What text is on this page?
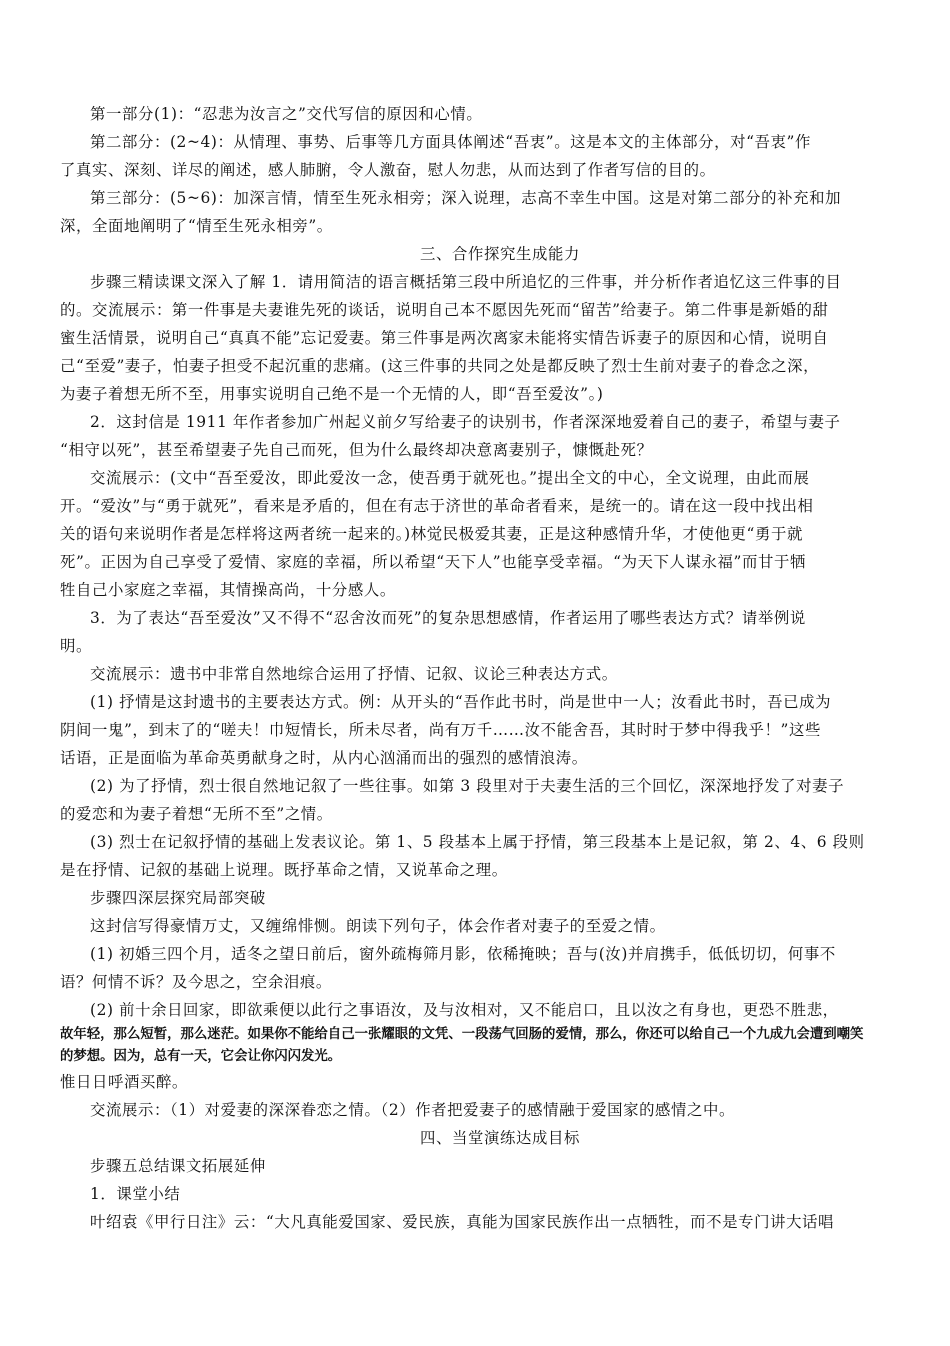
第一部分(1)：“忍悲为汝言之”交代写信的原因和心情。

第二部分：(2~4)：从情理、事势、后事等几方面具体阐述“吾衷”。这是本文的主体部分，对“吾衷”作

了真实、深刻、详尽的阐述，感人肺腑，令人激奋，慰人勿悲，从而达到了作者写信的目的。

第三部分：(5~6)：加深言情，情至生死永相旁；深入说理，志高不幸生中国。这是对第二部分的补充和加

深，全面地阐明了“情至生死永相旁”。

三、合作探究生成能力

步骤三精读课文深入了解 1．请用简洁的语言概括第三段中所追忆的三件事，并分析作者追忆这三件事的目

的。交流展示：第一件事是夫妻谁先死的谈话，说明自己本不愿因先死而“留苦”给妻子。第二件事是新婚的甜

蜜生活情景，说明自己“真真不能”忘记爱妻。第三件事是两次离家未能将实情告诉妻子的原因和心情，说明自

己“至爱”妻子，怕妻子担受不起沉重的悲痛。(这三件事的共同之处是都反映了烈士生前对妻子的眷念之深，

为妻子着想无所不至，用事实说明自己绝不是一个无情的人，即“吾至爱汝”。)

2．这封信是 1911 年作者参加广州起义前夕写给妻子的诀别书，作者深深地爱着自己的妻子，希望与妻子

“相守以死”，甚至希望妻子先自己而死，但为什么最终却决意离妻别子，慷慨赴死？

交流展示：(文中“吾至爱汝，即此爱汝一念，使吾勇于就死也。”提出全文的中心，全文说理，由此而展

开。“爱汝”与“勇于就死”，看来是矛盾的，但在有志于济世的革命者看来，是统一的。请在这一段中找出相

关的语句来说明作者是怎样将这两者统一起来的。)林觉民极爱其妻，正是这种感情升华，才使他更“勇于就

死”。正因为自己享受了爱情、家庭的幸福，所以希望“天下人”也能享受幸福。“为天下人谋永福”而甘于牺

牲自己小家庭之幸福，其情操高尚，十分感人。

3．为了表达“吾至爱汝”又不得不“忍舍汝而死”的复杂思想感情，作者运用了哪些表达方式？请举例说

明。

交流展示：遗书中非常自然地综合运用了抒情、记叙、议论三种表达方式。

(1) 抒情是这封遗书的主要表达方式。例：从开头的“吾作此书时，尚是世中一人；汝看此书时，吾已成为

阴间一鬼”，到末了的“嗟夫！巾短情长，所未尽者，尚有万千……汝不能舍吾，其时时于梦中得我乎！”这些

话语，正是面临为革命英勇献身之时，从内心汹涌而出的强烈的感情浪涛。

(2) 为了抒情，烈士很自然地记叙了一些往事。如第 3 段里对于夫妻生活的三个回忆，深深地抒发了对妻子

的爱恋和为妻子着想“无所不至”之情。

(3) 烈士在记叙抒情的基础上发表议论。第 1、5 段基本上属于抒情，第三段基本上是记叙，第 2、4、6 段则

是在抒情、记叙的基础上说理。既抒革命之情，又说革命之理。

步骤四深层探究局部突破

这封信写得豪情万丈，又缠绵悱恻。朗读下列句子，体会作者对妻子的至爱之情。

(1) 初婚三四个月，适冬之望日前后，窗外疏梅筛月影，依稀掩映；吾与(汝)并肩携手，低低切切，何事不

语？何情不诉？及今思之，空余泪痕。

(2) 前十余日回家，即欲乘便以此行之事语汝，及与汝相对，又不能启口，且以汝之有身也，更恐不胜悲，

故年轻，那么短暂，那么迷茫。如果你不能给自己一张耀眼的文凭、一段荡气回肠的爱情，那么，你还可以给自己一个九成九会遭到嘲笑

的梦想。因为，总有一天，它会让你闪闪发光。

惟日日呼酒买醉。

交流展示：（1）对爱妻的深深眷恋之情。（2）作者把爱妻子的感情融于爱国家的感情之中。

四、当堂演练达成目标

步骤五总结课文拓展延伸

1．课堂小结

叶绍袁《甲行日注》云：“大凡真能爱国家、爱民族，真能为国家民族作出一点牺牲，而不是专门讲大话唱
